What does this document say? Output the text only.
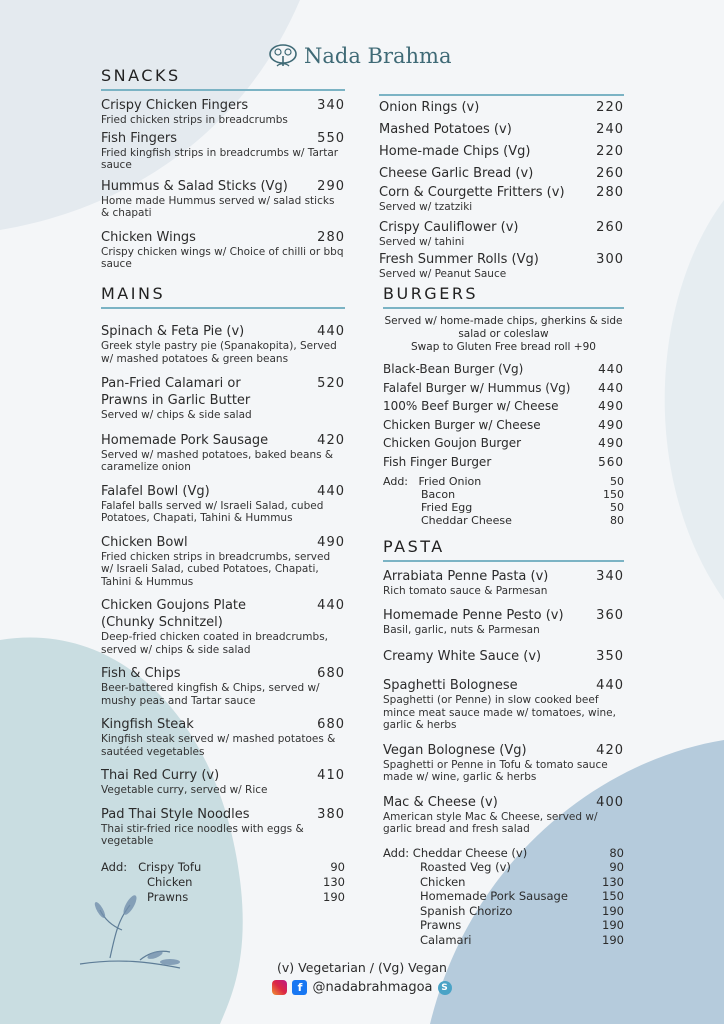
Nada Brahma
SNACKS
Crispy Chicken Fingers	340
Fried chicken strips in breadcrumbs
Fish Fingers	550
Fried kingfish strips in breadcrumbs w/ Tartar sauce
Hummus & Salad Sticks (Vg) 290
Home made Hummus served w/ salad sticks & chapati
Chicken Wings	280
Crispy chicken wings w/ Choice of chilli or bbq sauce
Onion Rings (v)	220
Mashed Potatoes (v)	240
Home-made Chips (Vg)	220
Cheese Garlic Bread (v)	260
Corn & Courgette Fritters (v) 280
Served w/ tzatziki
Crispy Cauliflower (v)	260
Served w/ tahini
Fresh Summer Rolls (Vg)	300
Served w/ Peanut Sauce
MAINS
Spinach & Feta Pie (v)	440
Greek style pastry pie (Spanakopita), Served w/ mashed potatoes & green beans
Pan-Fried Calamari or Prawns in Garlic Butter
520
Served w/ chips & side salad
Homemade Pork Sausage	420
Served w/ mashed potatoes, baked beans & caramelize onion
Falafel Bowl (Vg)	440
Falafel balls served w/ Israeli Salad, cubed Potatoes, Chapati, Tahini & Hummus
Chicken Bowl	490
Fried chicken strips in breadcrumbs, served w/ Israeli Salad, cubed Potatoes, Chapati, Tahini & Hummus
Chicken Goujons Plate (Chunky Schnitzel)
440
Deep-fried chicken coated in breadcrumbs, served w/ chips & side salad
Fish & Chips	680
Beer-battered kingfish & Chips, served w/ mushy peas and Tartar sauce
Kingfish Steak	680
Kingfish steak served w/ mashed potatoes & sautéed vegetables
Thai Red Curry (v)	410
Vegetable curry, served w/ Rice
Pad Thai Style Noodles	380
Thai stir-fried rice noodles with eggs & vegetable
Add: Crispy Tofu	90
Chicken	130
Prawns	190
BURGERS
Served w/ home-made chips, gherkins & side salad or coleslaw
Swap to Gluten Free bread roll +90
Black-Bean Burger (Vg)	440
Falafel Burger w/ Hummus (Vg) 440
100% Beef Burger w/ Cheese	490
Chicken Burger w/ Cheese	490
Chicken Goujon Burger	490
Fish Finger Burger	560
Add: Fried Onion	50
Bacon	150
Fried Egg	50
Cheddar Cheese	80
PASTA
Arrabiata Penne Pasta (v)	340
Rich tomato sauce & Parmesan
Homemade Penne Pesto (v)	360
Basil, garlic, nuts & Parmesan
Creamy White Sauce (v)	350
Spaghetti Bolognese	440
Spaghetti (or Penne) in slow cooked beef mince meat sauce made w/ tomatoes, wine, garlic & herbs
Vegan Bolognese (Vg)	420
Spaghetti or Penne in Tofu & tomato sauce made w/ wine, garlic & herbs
Mac & Cheese (v)	400
American style Mac & Cheese, served w/ garlic bread and fresh salad
Add: Cheddar Cheese (v)	80
Roasted Veg (v)	90
Chicken	130
Homemade Pork Sausage	150
Spanish Chorizo	190
Prawns	190
Calamari	190
(v) Vegetarian / (Vg) Vegan
f @nadabrahmagoa S
